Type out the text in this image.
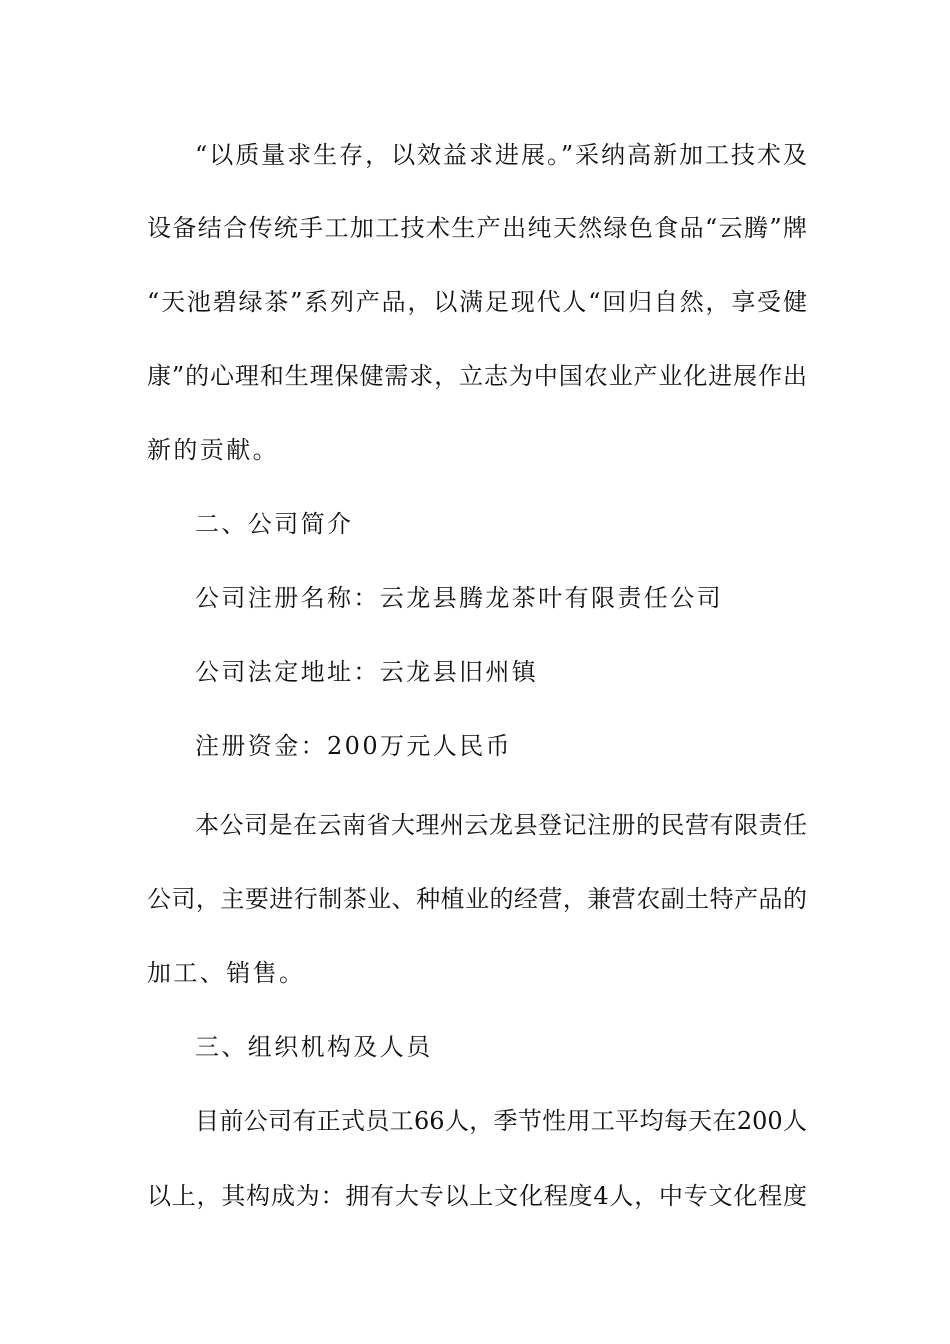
“以质量求生存，以效益求进展。”采纳高新加工技术及
设备结合传统手工加工技术生产出纯天然绿色食品“云腾”牌
“天池碧绿茶”系列产品，以满足现代人“回归自然，享受健
康”的心理和生理保健需求，立志为中国农业产业化进展作出
新的贡献。
二、公司简介
公司注册名称：云龙县腾龙茶叶有限责任公司
公司法定地址：云龙县旧州镇
注册资金：200万元人民币
本公司是在云南省大理州云龙县登记注册的民营有限责任
公司，主要进行制茶业、种植业的经营，兼营农副土特产品的
加工、销售。
三、组织机构及人员
目前公司有正式员工66人，季节性用工平均每天在200人
以上，其构成为：拥有大专以上文化程度4人，中专文化程度
